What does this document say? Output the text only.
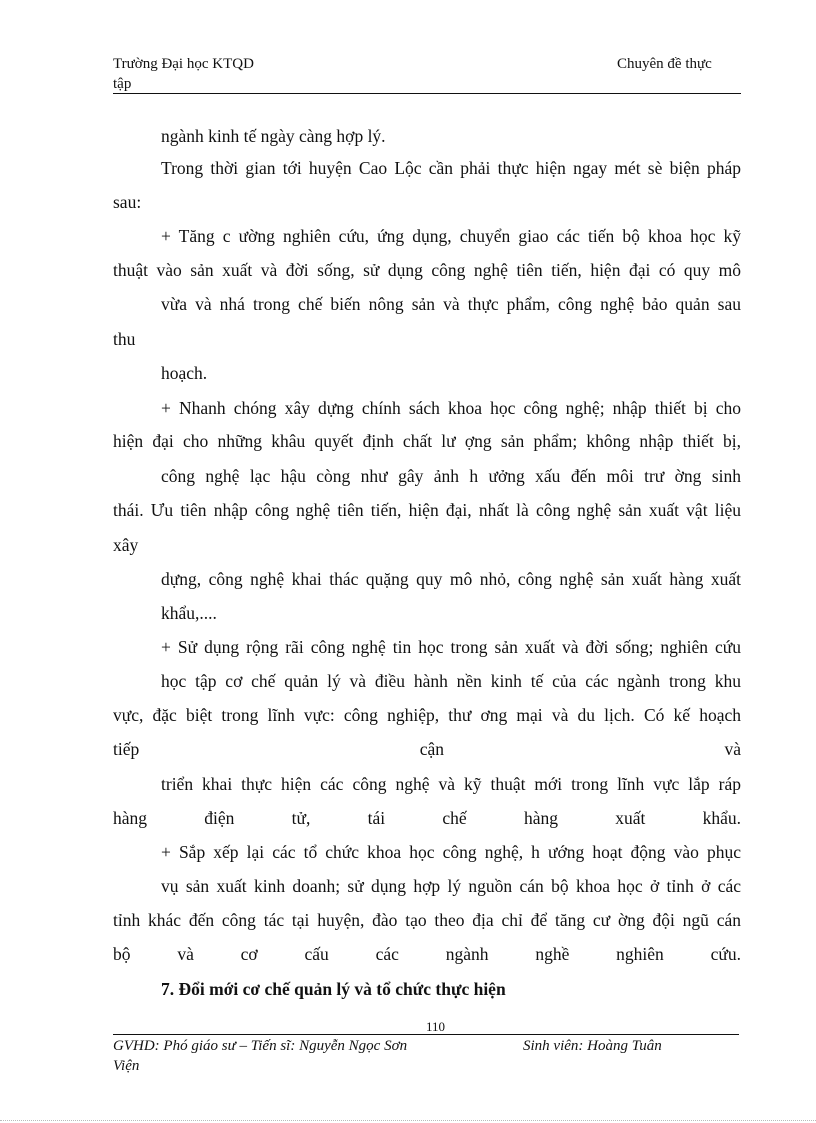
Trường Đại học KTQD
tập
Chuyên đề thực
ngành kinh tế ngày càng hợp lý.
Trong thời gian tới huyện Cao Lộc cần phải thực hiện ngay mét sè biện pháp
sau:
+ Tăng c ường nghiên cứu, ứng dụng, chuyển giao các tiến bộ khoa học kỹ
thuật vào sản xuất và đời sống, sử dụng công nghệ tiên tiến, hiện đại có quy mô
vừa và nhá trong chế biến nông sản và thực phẩm, công nghệ bảo quản sau
thu
hoạch.
+ Nhanh chóng xây dựng chính sách khoa học công nghệ; nhập thiết bị cho
hiện đại cho những khâu quyết định chất lư ợng sản phẩm; không nhập thiết bị,
công nghệ lạc hậu còng như gây ảnh h ưởng xấu đến môi trư ờng sinh
thái. Ưu tiên nhập công nghệ tiên tiến, hiện đại, nhất là công nghệ sản xuất vật liệu
xây
dựng, công nghệ khai thác quặng quy mô nhỏ, công nghệ sản xuất hàng xuất
khẩu,....
+ Sử dụng rộng rãi công nghệ tin học trong sản xuất và đời sống; nghiên cứu
học tập cơ chế quản lý và điều hành nền kinh tế của các ngành trong khu
vực, đặc biệt trong lĩnh vực: công nghiệp, thư ơng mại và du lịch. Có kế hoạch
tiếp cận và
triển khai thực hiện các công nghệ và kỹ thuật mới trong lĩnh vực lắp ráp
hàng điện tử, tái chế hàng xuất khẩu.
+ Sắp xếp lại các tổ chức khoa học công nghệ, h ướng hoạt động vào phục
vụ sản xuất kinh doanh; sử dụng hợp lý nguồn cán bộ khoa học ở tỉnh ở các
tỉnh khác đến công tác tại huyện, đào tạo theo địa chỉ để tăng cư ờng đội ngũ cán
bộ và cơ cấu các ngành nghề nghiên cứu.
7. Đổi mới cơ chế quản lý và tổ chức thực hiện
110
GVHD: Phó giáo sư – Tiến sĩ: Nguyễn Ngọc Sơn
Viện
Sinh viên: Hoàng Tuân
